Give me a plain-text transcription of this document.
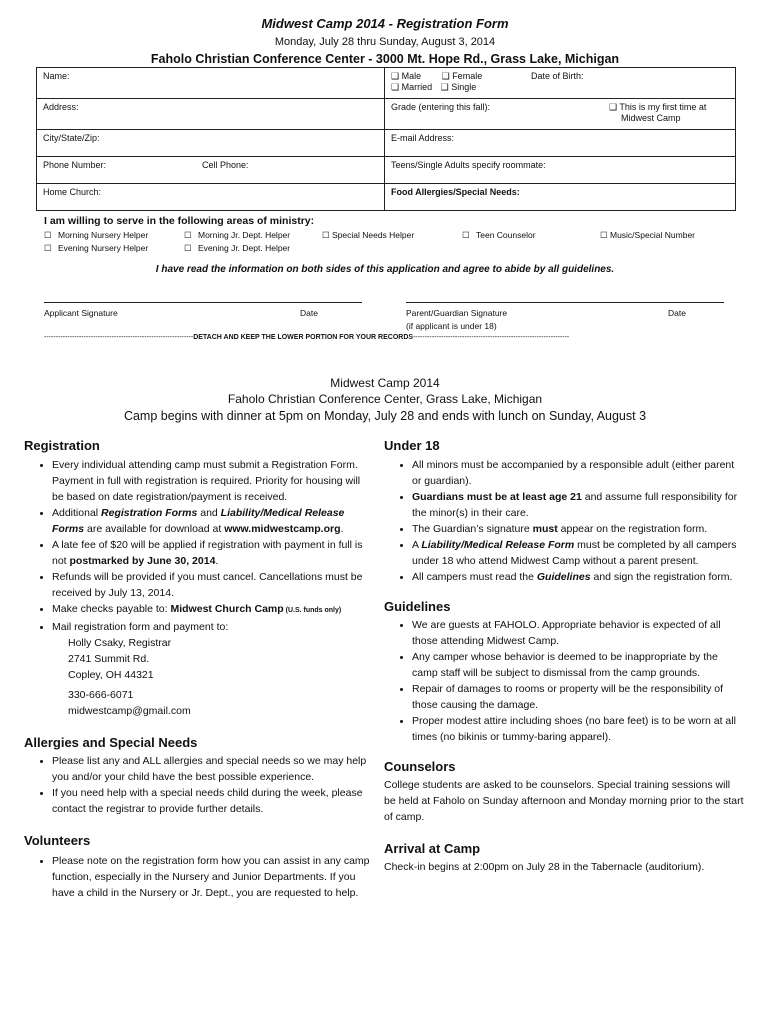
Midwest Camp 2014 - Registration Form
Monday, July 28 thru Sunday, August 3, 2014
Faholo Christian Conference Center - 3000 Mt. Hope Rd., Grass Lake, Michigan
Name:	❑ Male ❑ Female Date of Birth:

❑ Married ❑ Single
Address:	Grade (entering this fall): ❑ This is my first time at
Midwest Camp

City/State/Zip:	E-mail Address:
Phone Number: Cell Phone:	Teens/Single Adults specify roommate:
Home Church:	Food Allergies/Special Needs:
I am willing to serve in the following areas of ministry:
☐ Morning Nursery Helper	☐ Morning Jr. Dept. Helper	☐ Special Needs Helper	☐ Teen Counselor	☐ Music/Special Number
☐ Evening Nursery Helper	☐ Evening Jr. Dept. Helper
I have read the information on both sides of this application and agree to abide by all guidelines.
Applicant Signature	Date	Parent/Guardian Signature
(if applicant is under 18)
Date
----------------------------------------------------------------DETACH AND KEEP THE LOWER PORTION FOR YOUR RECORDS-------------------------------------------------------------------
Midwest Camp 2014
Faholo Christian Conference Center, Grass Lake, Michigan
Camp begins with dinner at 5pm on Monday, July 28 and ends with lunch on Sunday, August 3
Registration
• Every individual attending camp must submit a Registration Form. Payment in full with registration is required. Priority for housing will be based on date registration/payment is received.
• Additional Registration Forms and Liability/Medical Release Forms are available for download at www.midwestcamp.org.
• A late fee of $20 will be applied if registration with payment in full is not postmarked by June 30, 2014.
• Refunds will be provided if you must cancel. Cancellations must be received by July 13, 2014.
• Make checks payable to: Midwest Church Camp (U.S. funds only)
• Mail registration form and payment to:
Holly Csaky, Registrar
2741 Summit Rd.
Copley, OH 44321
330-666-6071
midwestcamp@gmail.com
Allergies and Special Needs
• Please list any and ALL allergies and special needs so we may help you and/or your child have the best possible experience.
• If you need help with a special needs child during the week, please contact the registrar to provide further details.
Volunteers
• Please note on the registration form how you can assist in any camp function, especially in the Nursery and Junior Departments. If you have a child in the Nursery or Jr. Dept., you are requested to help.
Under 18
• All minors must be accompanied by a responsible adult (either parent or guardian).
• Guardians must be at least age 21 and assume full responsibility for the minor(s) in their care.
• The Guardian’s signature must appear on the registration form.
• A Liability/Medical Release Form must be completed by all campers under 18 who attend Midwest Camp without a parent present.
• All campers must read the Guidelines and sign the registration form.
Guidelines
• We are guests at FAHOLO. Appropriate behavior is expected of all those attending Midwest Camp.
• Any camper whose behavior is deemed to be inappropriate by the camp staff will be subject to dismissal from the camp grounds.
• Repair of damages to rooms or property will be the responsibility of those causing the damage.
• Proper modest attire including shoes (no bare feet) is to be worn at all times (no bikinis or tummy-baring apparel).
Counselors
College students are asked to be counselors. Special training sessions will be held at Faholo on Sunday afternoon and Monday morning prior to the start of camp.
Arrival at Camp
Check-in begins at 2:00pm on July 28 in the Tabernacle (auditorium).
